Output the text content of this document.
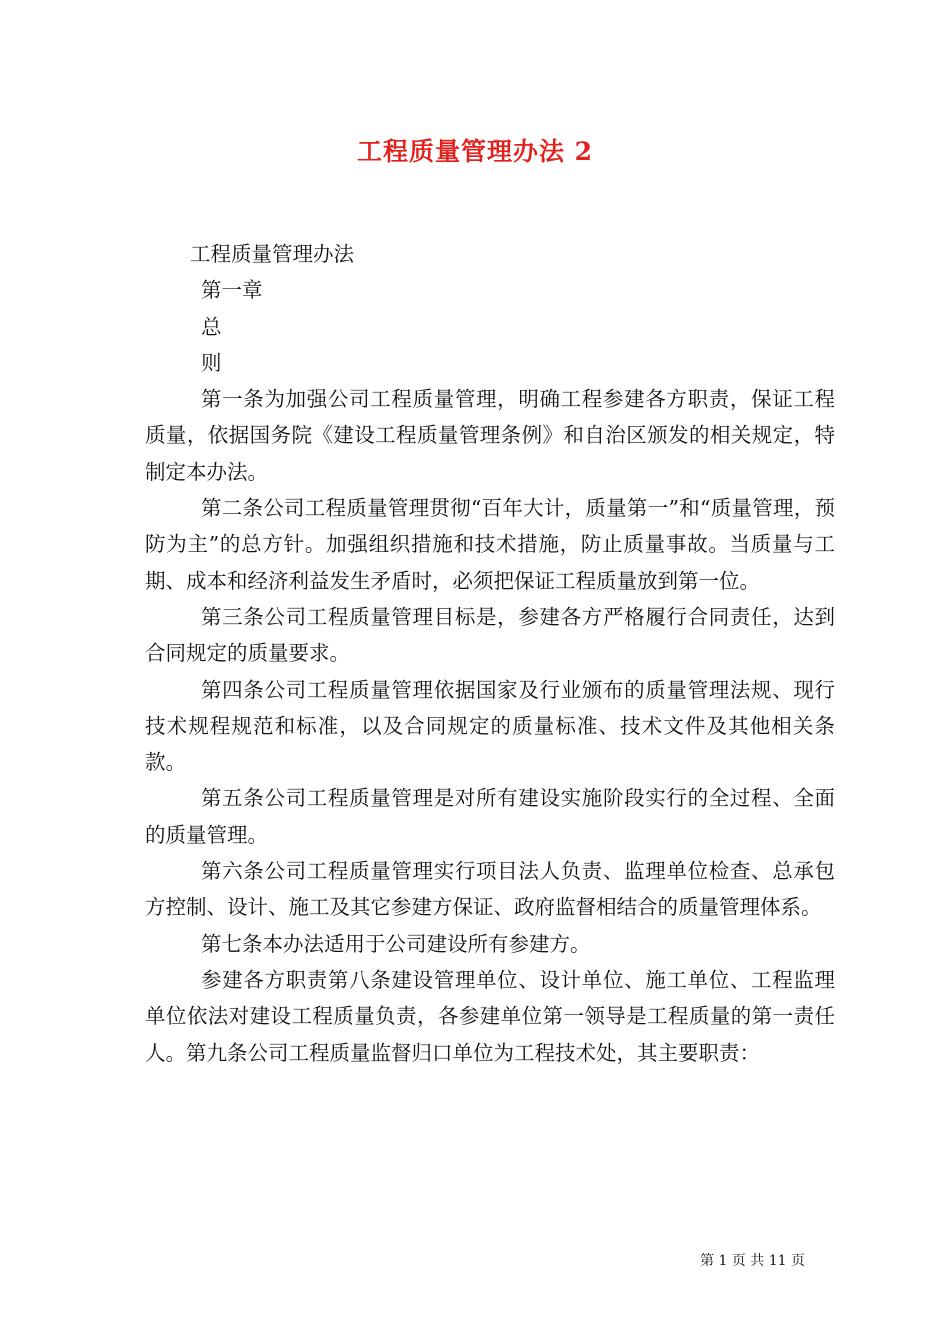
工程质量管理办法 2

工程质量管理办法

第一章

总

则

第一条为加强公司工程质量管理，明确工程参建各方职责，保证工程质量，依据国务院《建设工程质量管理条例》和自治区颁发的相关规定，特制定本办法。

第二条公司工程质量管理贯彻“百年大计，质量第一”和“质量管理，预防为主”的总方针。加强组织措施和技术措施，防止质量事故。当质量与工期、成本和经济利益发生矛盾时，必须把保证工程质量放到第一位。

第三条公司工程质量管理目标是，参建各方严格履行合同责任，达到合同规定的质量要求。

第四条公司工程质量管理依据国家及行业颁布的质量管理法规、现行技术规程规范和标准，以及合同规定的质量标准、技术文件及其他相关条款。

第五条公司工程质量管理是对所有建设实施阶段实行的全过程、全面的质量管理。

第六条公司工程质量管理实行项目法人负责、监理单位检查、总承包方控制、设计、施工及其它参建方保证、政府监督相结合的质量管理体系。

第七条本办法适用于公司建设所有参建方。

参建各方职责第八条建设管理单位、设计单位、施工单位、工程监理单位依法对建设工程质量负责，各参建单位第一领导是工程质量的第一责任人。第九条公司工程质量监督归口单位为工程技术处，其主要职责：

第 1 页 共 11 页
